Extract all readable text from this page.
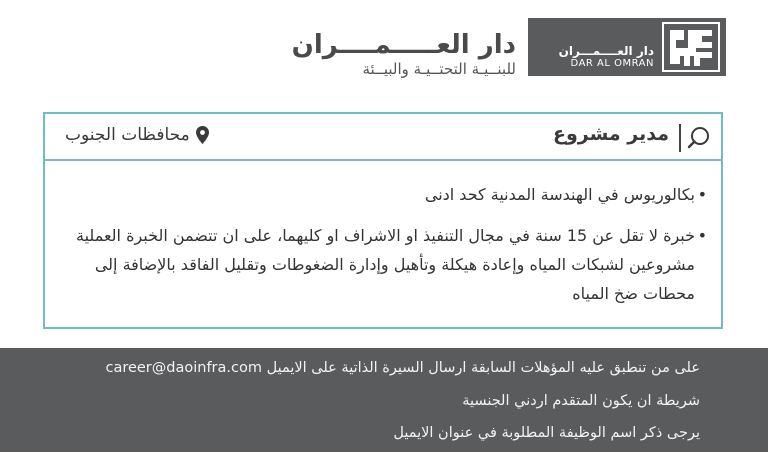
دار العــــمـــران
DAR AL OMRAN
دار العـــــمــــران
للبنــيـة التحتــيـة والبيــئة
مدير مشروع
محافظات الجنوب
• بكالوريوس في الهندسة المدنية كحد ادنى
• خبرة لا تقل عن 15 سنة في مجال التنفيذ او الاشراف او كليهما، على ان تتضمن الخبرة العملية مشروعين لشبكات المياه وإعادة هيكلة وتأهيل وإدارة الضغوطات وتقليل الفاقد بالإضافة إلى محطات ضخ المياه
على من تنطبق عليه المؤهلات السابقة ارسال السيرة الذاتية على الايميل career@daoinfra.com
شريطة ان يكون المتقدم اردني الجنسية
يرجى ذكر اسم الوظيفة المطلوبة في عنوان الايميل
